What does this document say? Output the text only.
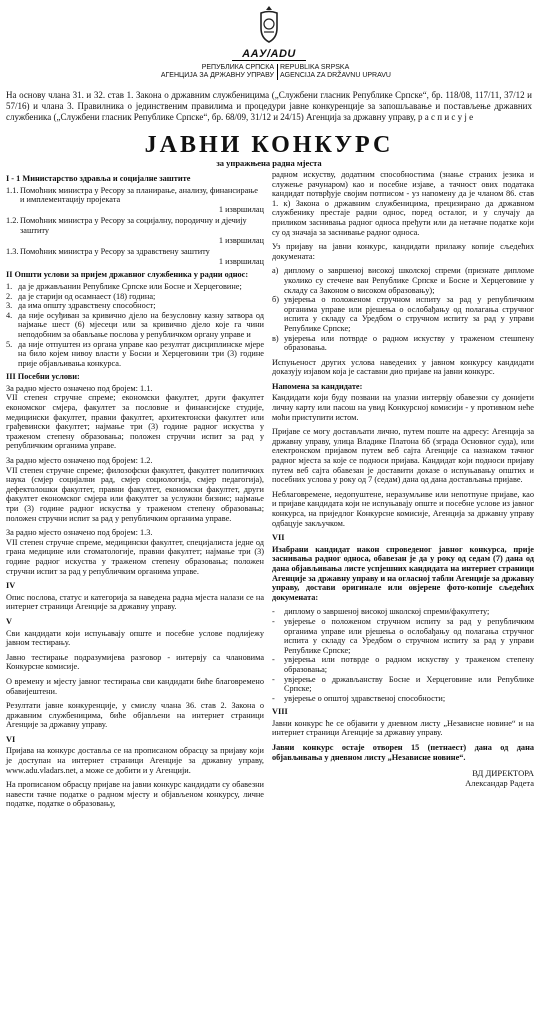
AAУ/ADU
РЕПУБЛИКА СРПСКА
АГЕНЦИЈА ЗА ДРЖАВНУ УПРАВУ
REPUBLIKA SRPSKA
AGENCIJA ZA DRŽAVNU UPRAVU
На основу члана 31. и 32. став 1. Закона о државним службеницима („Службени гласник Републике Српске“, бр. 118/08, 117/11, 37/12 и 57/16) и члана 3. Правилника о јединственим правилима и процедури јавне конкуренције за запошљавање и постављење државних службеника („Службени гласник Републике Српске“, бр. 68/09, 31/12 и 24/15) Агенција за државну управу, р а с п и с у ј е
ЈАВНИ КОНКУРС
за упражњена радна мјеста
I - 1 Министарство здравља и социјалне заштите
1.1. Помоћник министра у Ресору за планирање, анализу, финансирање и имплементацију пројеката

1 извршилац
1.2. Помоћник министра у Ресору за социјалну, породичну и дјечију заштиту

1 извршилац
1.3. Помоћник министра у Ресору за здравствену заштиту

1 извршилац
II Општи услови за пријем државног службеника у радни однос:
1. да је држављанин Републике Српске или Босне и Херцеговине;
2. да је старији од осамнаест (18) година;
3. да има општу здравствену способност;
4. да није осуђиван за кривично дјело на безусловну казну затвора од најмање шест (6) мјесеци или за кривично дјело које га чини неподобним за обављање послова у републичком органу управе и
5. да није отпуштен из органа управе као резултат дисциплинске мјере на било којем нивоу власти у Босни и Херцеговини три (3) године прије објављивања конкурса.
III Посебни услови:

За радно мјесто означено под бројем: 1.1.

VII степен стручне спреме; економски факултет, други факултет економског смјера, факултет за пословне и финансијске студије, медицински факултет, правни факултет, архитектонски факултет или грађевински факултет; најмање три (3) године радног искуства у траженом степену образовања; положен стручни испит за рад у републичким органима управе.

За радно мјесто означено под бројем: 1.2.

VII степен стручне спреме; филозофски факултет, факултет политичких наука (смјер социјални рад, смјер социологија, смјер педагогија), дефектолошки факултет, правни факултет, економски факултет, други факултет економског смјера или факултет за услужни бизнис; најмање три (3) године радног искуства у траженом степену образовања; положен стручни испит за рад у републичким органима управе.

За радно мјесто означено под бројем: 1.3.

VII степен стручне спреме, медицински факултет, специјалиста једне од грана медицине или стоматологије, правни факултет; најмање три (3) године радног искуства у траженом степену образовања; положен стручни испит за рад у републичким органима управе.

IV

Опис послова, статус и категорија за наведена радна мјеста налази се на интернет страници Агенције за државну управу.

V

Сви кандидати који испуњавају опште и посебне услове подлијежу јавном тестирању.

Јавно тестирање подразумијева разговор - интервју са члановима Конкурсне комисије.

О времену и мјесту јавног тестирања сви кандидати биће благовремено обавијештени.

Резултати јавне конкуренције, у смислу члана 36. став 2. Закона о државним службеницима, биће објављени на интернет страници Агенције за државну управу.

VI

Пријава на конкурс доставља се на прописаном обрасцу за пријаву који је доступан на интернет страници Агенције за државну управу, www.adu.vladars.net, а може се добити и у Агенцији.

На прописаном обрасцу пријаве на јавни конкурс кандидати су обавезни навести тачне податке о радном мјесту и објављеном конкурсу, личне податке, податке о образовању,

радном искуству, додатним способностима (знање страних језика и служење рачунаром) као и посебне изјаве, а тачност ових података кандидат потврђује својим потписом - уз напомену да је чланом 86. став 1. к) Закона о државним службеницима, прецизирано да државном службенику престаје радни однос, поред осталог, и у случају да приликом заснивања радног односа пређути или да нетачне податке који су од значаја за заснивање радног односа.

Уз пријаву на јавни конкурс, кандидати прилажу копије сљедећих докумената:

а) диплому о завршеној високој школској спреми (признате дипломе уколико су стечене ван Републике Српске и Босне и Херцеговине у складу са Законом о високом образовању);
б) увјерења о положеном стручном испиту за рад у републичким органима управе или рјешења о ослобађању од полагања стручног испита у складу са Уредбом о стручном испиту за рад у управи Републике Српске;
в) увјерења или потврде о радном искуству у траженом стешпену образовања.

Испуњеност других услова наведених у јавном конкурсу кандидати доказују изјавом која је саставни дио пријаве на јавни конкурс.

Напомена за кандидате:

Кандидати који буду позвани на улазни интервју обавезни су донијети личну карту или пасош на увид Конкурсној комисији - у противном неће моћи приступити истом.

Пријаве се могу достављати лично, путем поште на адресу: Агенција за државну управу, улица Владике Платона 6б (зграда Основног суда), или електронском пријавом путем веб сајта Агенције са назнаком тачног радног мјеста за које се подноси пријава. Кандидат који подноси пријаву путем веб сајта обавезан је доставити доказе о испуњавању општих и посебних услова у року од 7 (седам) дана од дана достављања пријаве.

Неблаговремене, недопуштене, неразумљиве или непотпуне пријаве, као и пријаве кандидата који не испуњавају опште и посебне услове из јавног конкурса, на приједлог Конкурсне комисије, Агенција за државну управу одбацује закључком.

VII

Изабрани кандидат након спроведеног јавног конкурса, прије заснивања радног односа, обавезан је да у року од седам (7) дана од дана објављивања листе успјешних кандидата на интернет страници Агенције за државну управу и на огласној табли Агенције за државну управу, достави оригинале или овјерене фото-копије сљедећих докумената:

-	диплому о завршеној високој школској спреми/факултету;
-	увјерење о положеном стручном испиту за рад у републичким органима управе или рјешења о ослобађању од полагања стручног испита у складу са Уредбом о стручном испиту за рад у управи Републике Српске;
-	увјерења или потврде о радном искуству у траженом степену образовања;
-	увјерење о држављанству Босне и Херцеговине или Републике Српске;
-	увјерење о општој здравственој способности;
VIII

Јавни конкурс ће се објавити у дневном листу „Независне новине“ и на интернет страници Агенције за државну управу.

Јавни конкурс остаје отворен 15 (петнаест) дана од дана објављивања у дневном листу „Независне новине“.

ВД ДИРЕКТОРА
Александар Радета
